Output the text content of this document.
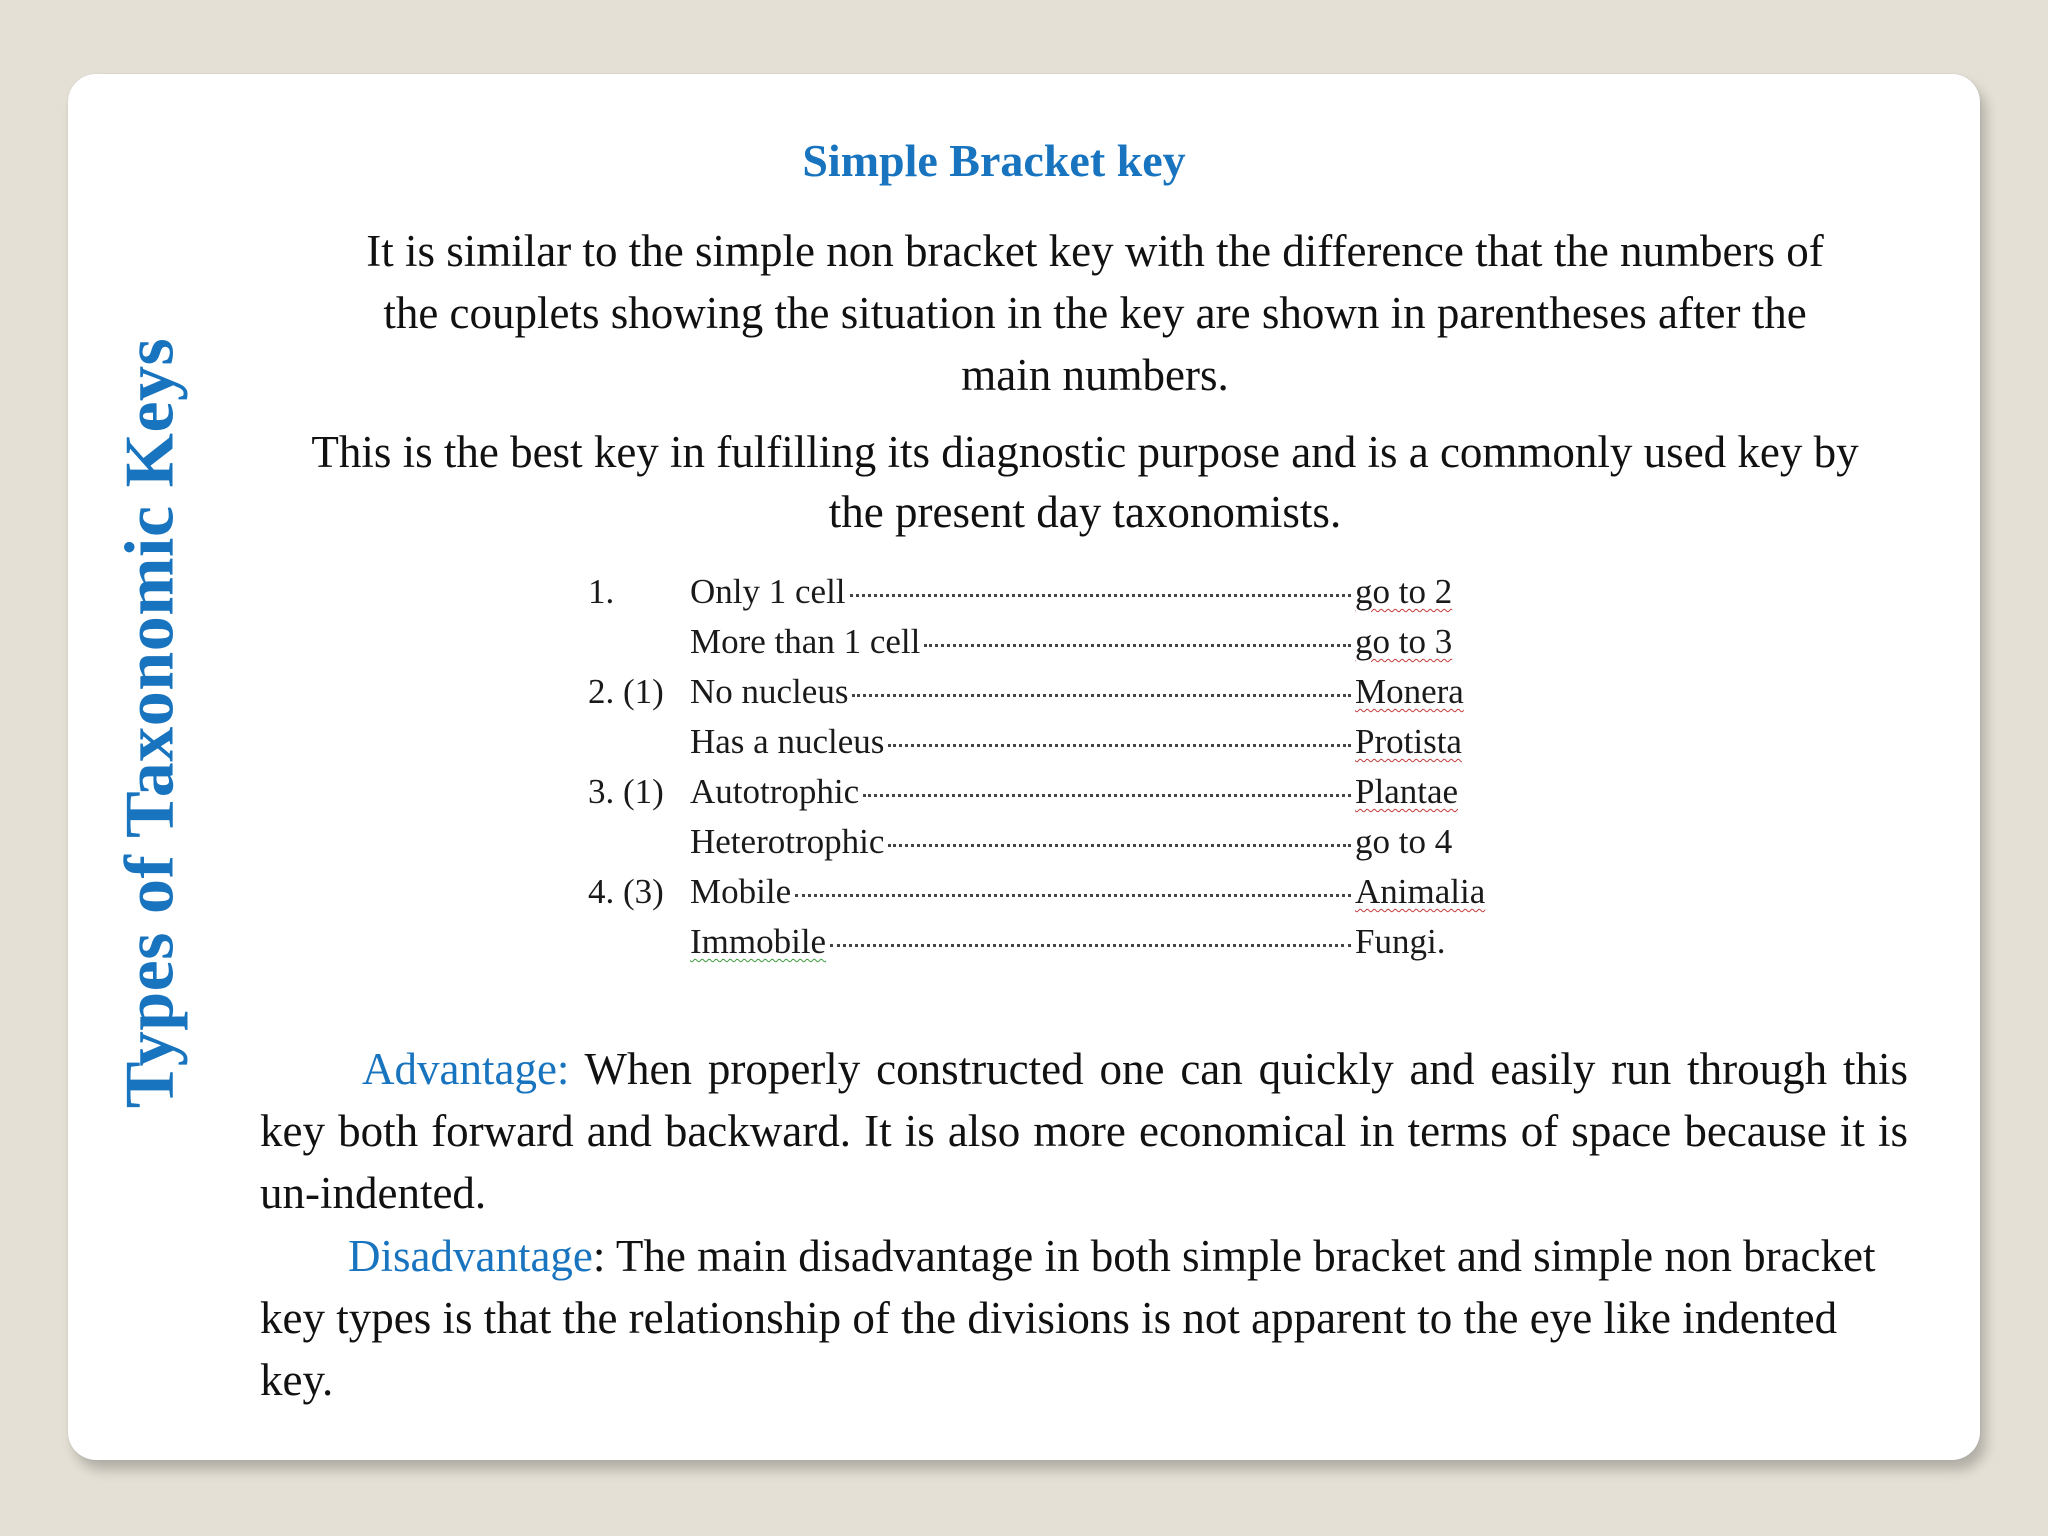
Types of Taxonomic Keys
Simple Bracket key
It is similar to the simple non bracket key with the difference that the numbers of the couplets showing the situation in the key are shown in parentheses after the main numbers.
This is the best key in fulfilling its diagnostic purpose and is a commonly used key by the present day taxonomists.
1.	Only 1 cell	go to 2
More than 1 cell	go to 3
2. (1) No nucleus	Monera
Has a nucleus	Protista
3. (1) Autotrophic	Plantae
Heterotrophic	go to 4
4. (3) Mobile	Animalia
Immobile	Fungi.
Advantage: When properly constructed one can quickly and easily run through this key both forward and backward. It is also more economical in terms of space because it is un-indented.
Disadvantage: The main disadvantage in both simple bracket and simple non bracket key types is that the relationship of the divisions is not apparent to the eye like indented key.
